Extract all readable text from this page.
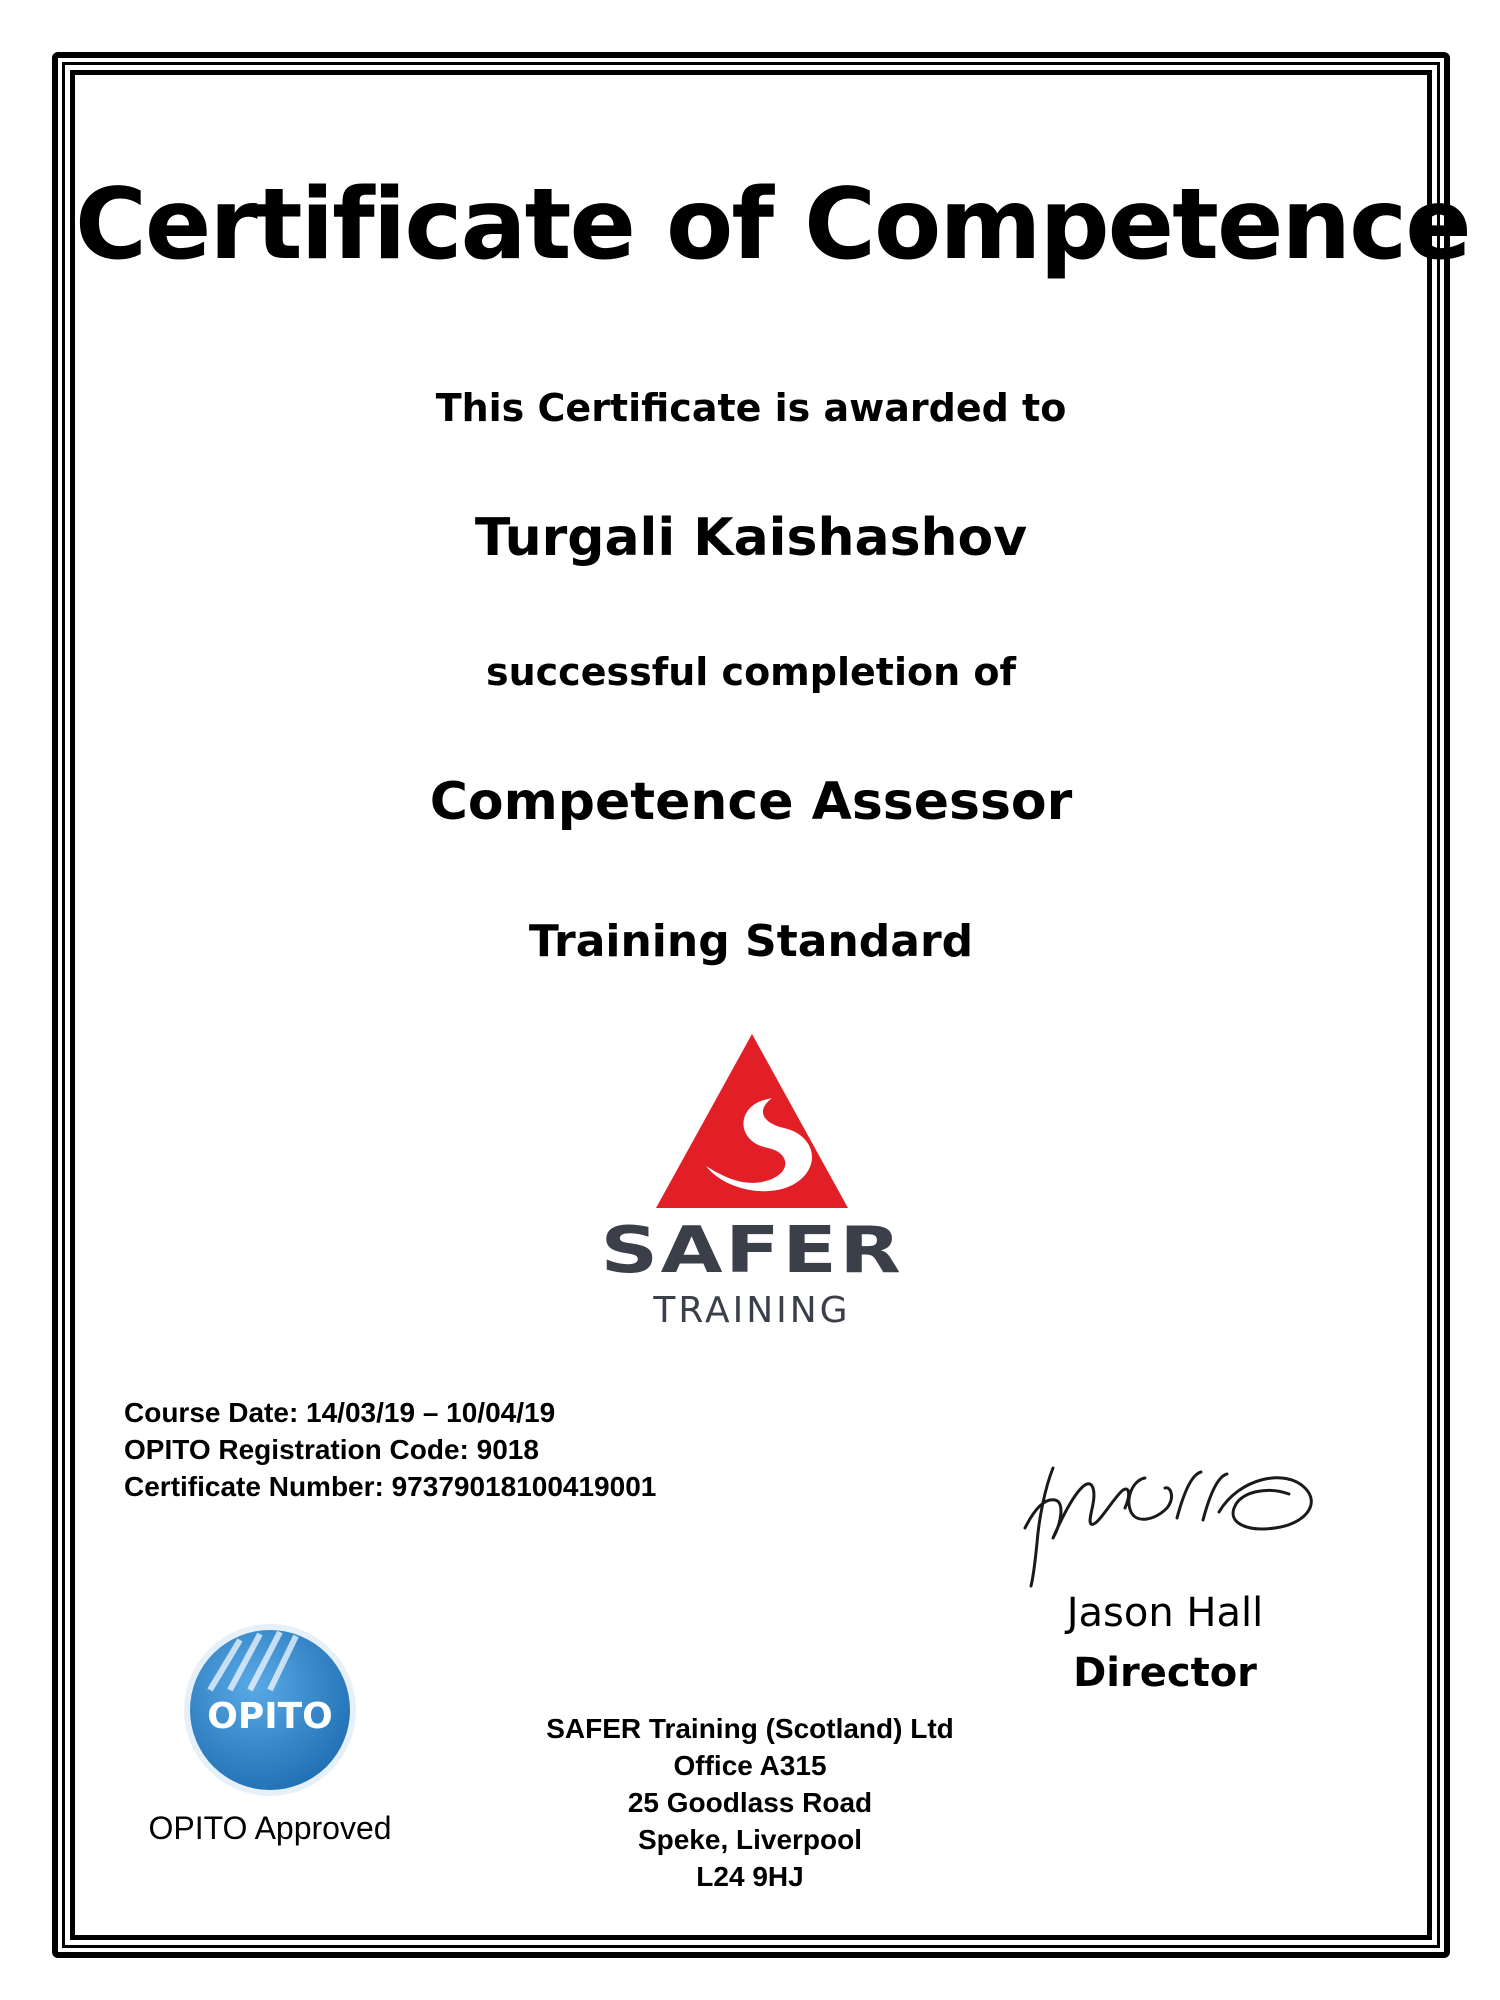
Certificate of Competence
This Certificate is awarded to
Turgali Kaishashov
successful completion of
Competence Assessor
Training Standard
SAFER
TRAINING
Course Date: 14/03/19 – 10/04/19
OPITO Registration Code: 9018
Certificate Number: 97379018100419001
Jason Hall
Director
OPITO
OPITO Approved
SAFER Training (Scotland) Ltd
Office A315
25 Goodlass Road
Speke, Liverpool
L24 9HJ
